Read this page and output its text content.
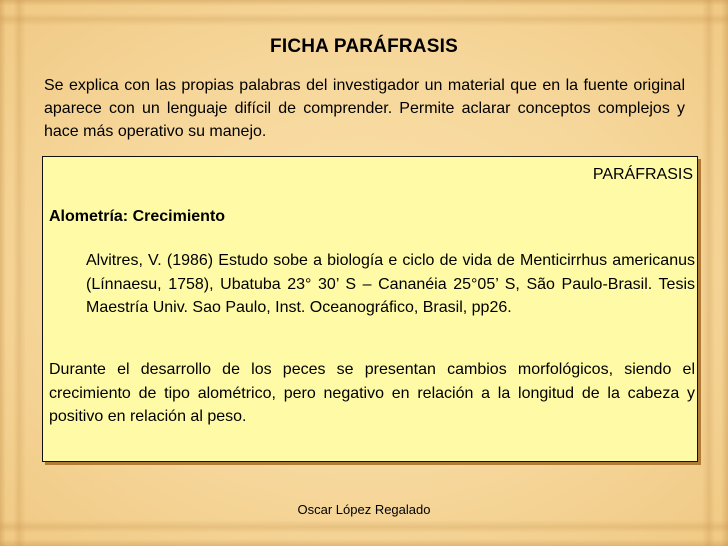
FICHA PARÁFRASIS
Se explica con las propias palabras del investigador un material que en la fuente original aparece con un lenguaje difícil de comprender. Permite aclarar conceptos complejos y hace más operativo su manejo.
PARÁFRASIS
Alometría: Crecimiento
Alvitres, V. (1986) Estudo sobe a biología e ciclo de vida de Menticirrhus americanus (Línnaesu, 1758), Ubatuba 23° 30’ S – Cananéia 25°05’ S, São Paulo-Brasil. Tesis Maestría Univ. Sao Paulo, Inst. Oceanográfico, Brasil, pp26.
Durante el desarrollo de los peces se presentan cambios morfológicos, siendo el crecimiento de tipo alométrico, pero negativo en relación a la longitud de la cabeza y positivo en relación al peso.
Oscar López Regalado
